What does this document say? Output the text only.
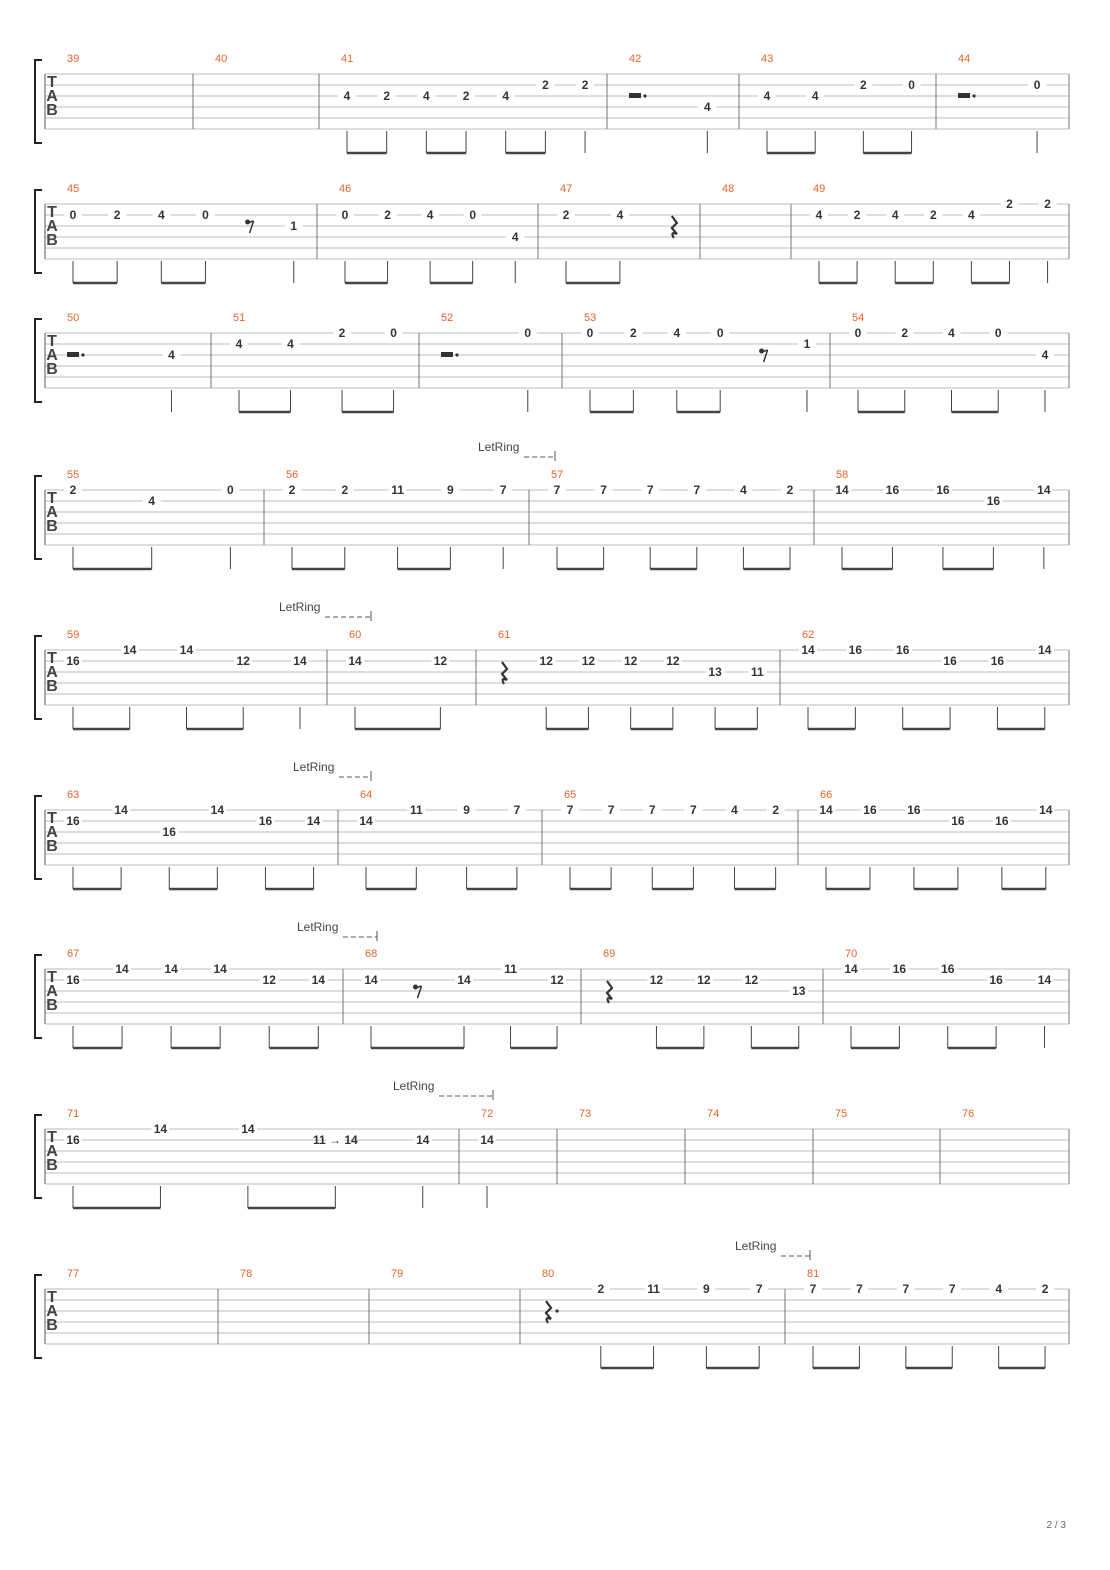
T
A
B
39	40	41
4	2	4	2	4
2	2
42
4
43
4	4
2	0
44
0
T
A
B
45
0	2	4	0
1
46
0	2	4	0
4
47
2	4
48	49
4	2	4	2	4
2	2
T
A
B
50
4
51
4	4
2	0
52
0
53
0	2	4	0
1
54
0	2	4	0
4
T
A
B
LetRing
55
2
4
0
56
2	2	11	9	7
57
7	7	7	7	4	2
58
14	16	16
16
14
T
A
B
LetRing
59
16
14	14
12	14
60
14	12
61
12 12 12 12
13 11
62
14	16	16
16	16
14
T
A
B
LetRing
63
16
14
16
14
16	14
64
14
11	9	7
65
7	7	7	7	4	2
66
14	16	16
16	16
14
T
A
B
LetRing
67
16
14	14	14
12	14
68
14	14
11
12
69
12	12	12
13
70
14	16	16
16	14
T
A
B
LetRing
71
16
14	14
11 → 14	14
72
14
73	74	75	76
T
A
B
LetRing
77	78	79	80
2	11	9	7
81
7	7	7	7	4	2
2 / 3
